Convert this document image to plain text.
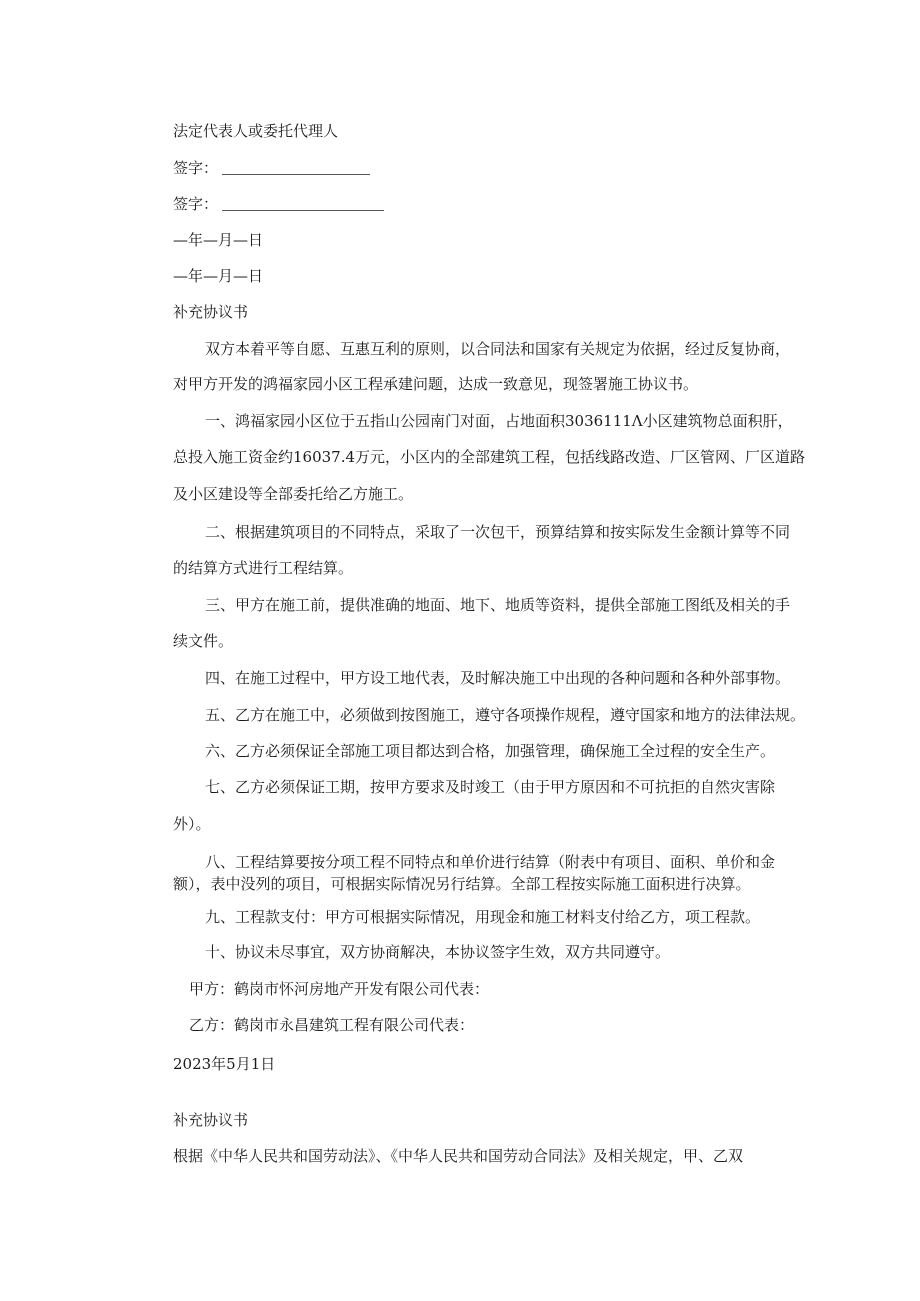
法定代表人或委托代理人
签字：
签字：
—年—月—日
—年—月—日
补充协议书
双方本着平等自愿、互惠互利的原则，以合同法和国家有关规定为依据，经过反复协商，
对甲方开发的鸿福家园小区工程承建问题，达成一致意见，现签署施工协议书。
一、鸿福家园小区位于五指山公园南门对面，占地面积3036111Λ小区建筑物总面积肝，
总投入施工资金约16037.4万元，小区内的全部建筑工程，包括线路改造、厂区管网、厂区道路
及小区建设等全部委托给乙方施工。
二、根据建筑项目的不同特点，采取了一次包干，预算结算和按实际发生金额计算等不同
的结算方式进行工程结算。
三、甲方在施工前，提供准确的地面、地下、地质等资料，提供全部施工图纸及相关的手
续文件。
四、在施工过程中，甲方设工地代表，及时解决施工中出现的各种问题和各种外部事物。
五、乙方在施工中，必须做到按图施工，遵守各项操作规程，遵守国家和地方的法律法规。
六、乙方必须保证全部施工项目都达到合格，加强管理，确保施工全过程的安全生产。
七、乙方必须保证工期，按甲方要求及时竣工（由于甲方原因和不可抗拒的自然灾害除
外）。
八、工程结算要按分项工程不同特点和单价进行结算（附表中有项目、面积、单价和金
额），表中没列的项目，可根据实际情况另行结算。全部工程按实际施工面积进行决算。
九、工程款支付：甲方可根据实际情况，用现金和施工材料支付给乙方，项工程款。
十、协议未尽事宜，双方协商解决，本协议签字生效，双方共同遵守。
甲方：鹤岗市怀河房地产开发有限公司代表：
乙方：鹤岗市永昌建筑工程有限公司代表：
2023年5月1日
补充协议书
根据《中华人民共和国劳动法》、《中华人民共和国劳动合同法》及相关规定，甲、乙双
